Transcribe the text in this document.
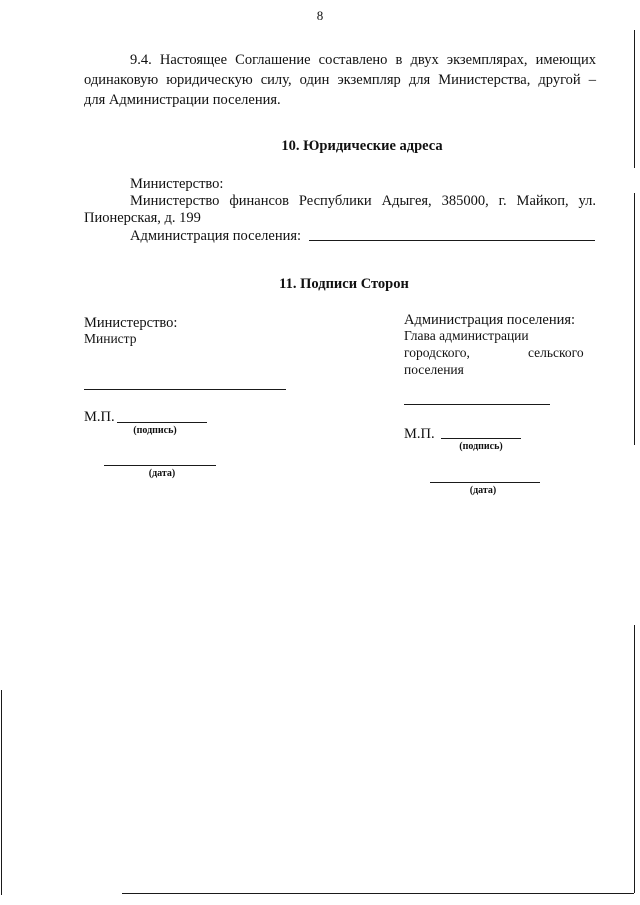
8
9.4. Настоящее Соглашение составлено в двух экземплярах, имеющих
одинаковую юридическую силу, один экземпляр для Министерства, другой –
для Администрации поселения.
10. Юридические адреса
Министерство:
Министерство финансов Республики Адыгея, 385000, г. Майкоп, ул.
Пионерская, д. 199
Администрация поселения:
11. Подписи Сторон
Министерство:
Министр
М.П.
(подпись)
(дата)
Администрация поселения:
Глава администрации
городского,	сельского
поселения
М.П.
(подпись)
(дата)
